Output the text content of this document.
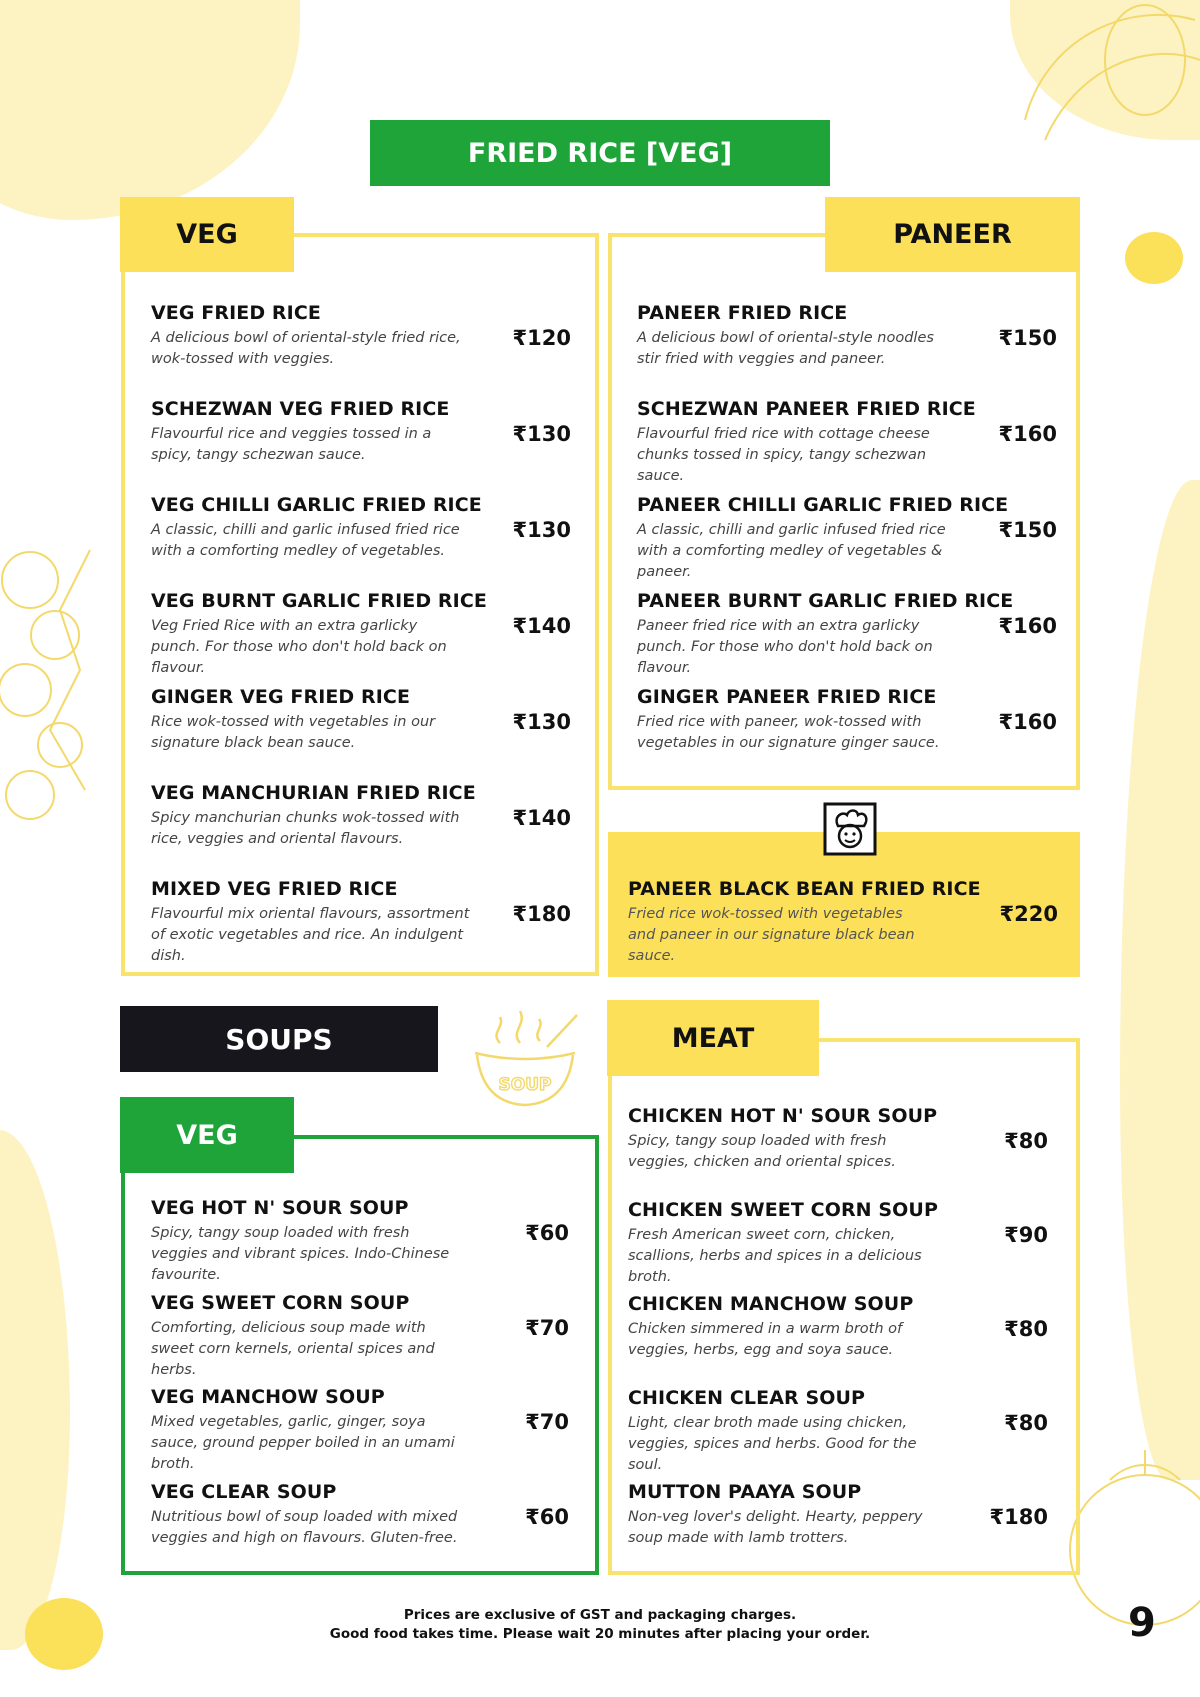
FRIED RICE [VEG]
VEG
VEG FRIED RICE
A delicious bowl of oriental-style fried rice, wok-tossed with veggies.
₹120
SCHEZWAN VEG FRIED RICE
Flavourful rice and veggies tossed in a spicy, tangy schezwan sauce.
₹130
VEG CHILLI GARLIC FRIED RICE
A classic, chilli and garlic infused fried rice with a comforting medley of vegetables.
₹130
VEG BURNT GARLIC FRIED RICE
Veg Fried Rice with an extra garlicky punch. For those who don't hold back on flavour.
₹140
GINGER VEG FRIED RICE
Rice wok-tossed with vegetables in our signature black bean sauce.
₹130
VEG MANCHURIAN FRIED RICE
Spicy manchurian chunks wok-tossed with rice, veggies and oriental flavours.
₹140
MIXED VEG FRIED RICE
Flavourful mix oriental flavours, assortment of exotic vegetables and rice. An indulgent dish.
₹180
PANEER
PANEER FRIED RICE
A delicious bowl of oriental-style noodles stir fried with veggies and paneer.
₹150
SCHEZWAN PANEER FRIED RICE
Flavourful fried rice with cottage cheese chunks tossed in spicy, tangy schezwan sauce.
₹160
PANEER CHILLI GARLIC FRIED RICE
A classic, chilli and garlic infused fried rice with a comforting medley of vegetables & paneer.
₹150
PANEER BURNT GARLIC FRIED RICE
Paneer fried rice with an extra garlicky punch. For those who don't hold back on flavour.
₹160
GINGER PANEER FRIED RICE
Fried rice with paneer, wok-tossed with vegetables in our signature ginger sauce.
₹160
PANEER BLACK BEAN FRIED RICE
Fried rice wok-tossed with vegetables and paneer in our signature black bean sauce.
₹220
SOUPS
SOUP
VEG
VEG HOT N' SOUR SOUP
Spicy, tangy soup loaded with fresh veggies and vibrant spices. Indo-Chinese favourite.
₹60
VEG SWEET CORN SOUP
Comforting, delicious soup made with sweet corn kernels, oriental spices and herbs.
₹70
VEG MANCHOW SOUP
Mixed vegetables, garlic, ginger, soya sauce, ground pepper boiled in an umami broth.
₹70
VEG CLEAR SOUP
Nutritious bowl of soup loaded with mixed veggies and high on flavours. Gluten-free.
₹60
MEAT
CHICKEN HOT N' SOUR SOUP
Spicy, tangy soup loaded with fresh veggies, chicken and oriental spices.
₹80
CHICKEN SWEET CORN SOUP
Fresh American sweet corn, chicken, scallions, herbs and spices in a delicious broth.
₹90
CHICKEN MANCHOW SOUP
Chicken simmered in a warm broth of veggies, herbs, egg and soya sauce.
₹80
CHICKEN CLEAR SOUP
Light, clear broth made using chicken, veggies, spices and herbs. Good for the soul.
₹80
MUTTON PAAYA SOUP
Non-veg lover's delight. Hearty, peppery soup made with lamb trotters.
₹180
Prices are exclusive of GST and packaging charges.
Good food takes time. Please wait 20 minutes after placing your order.	9
